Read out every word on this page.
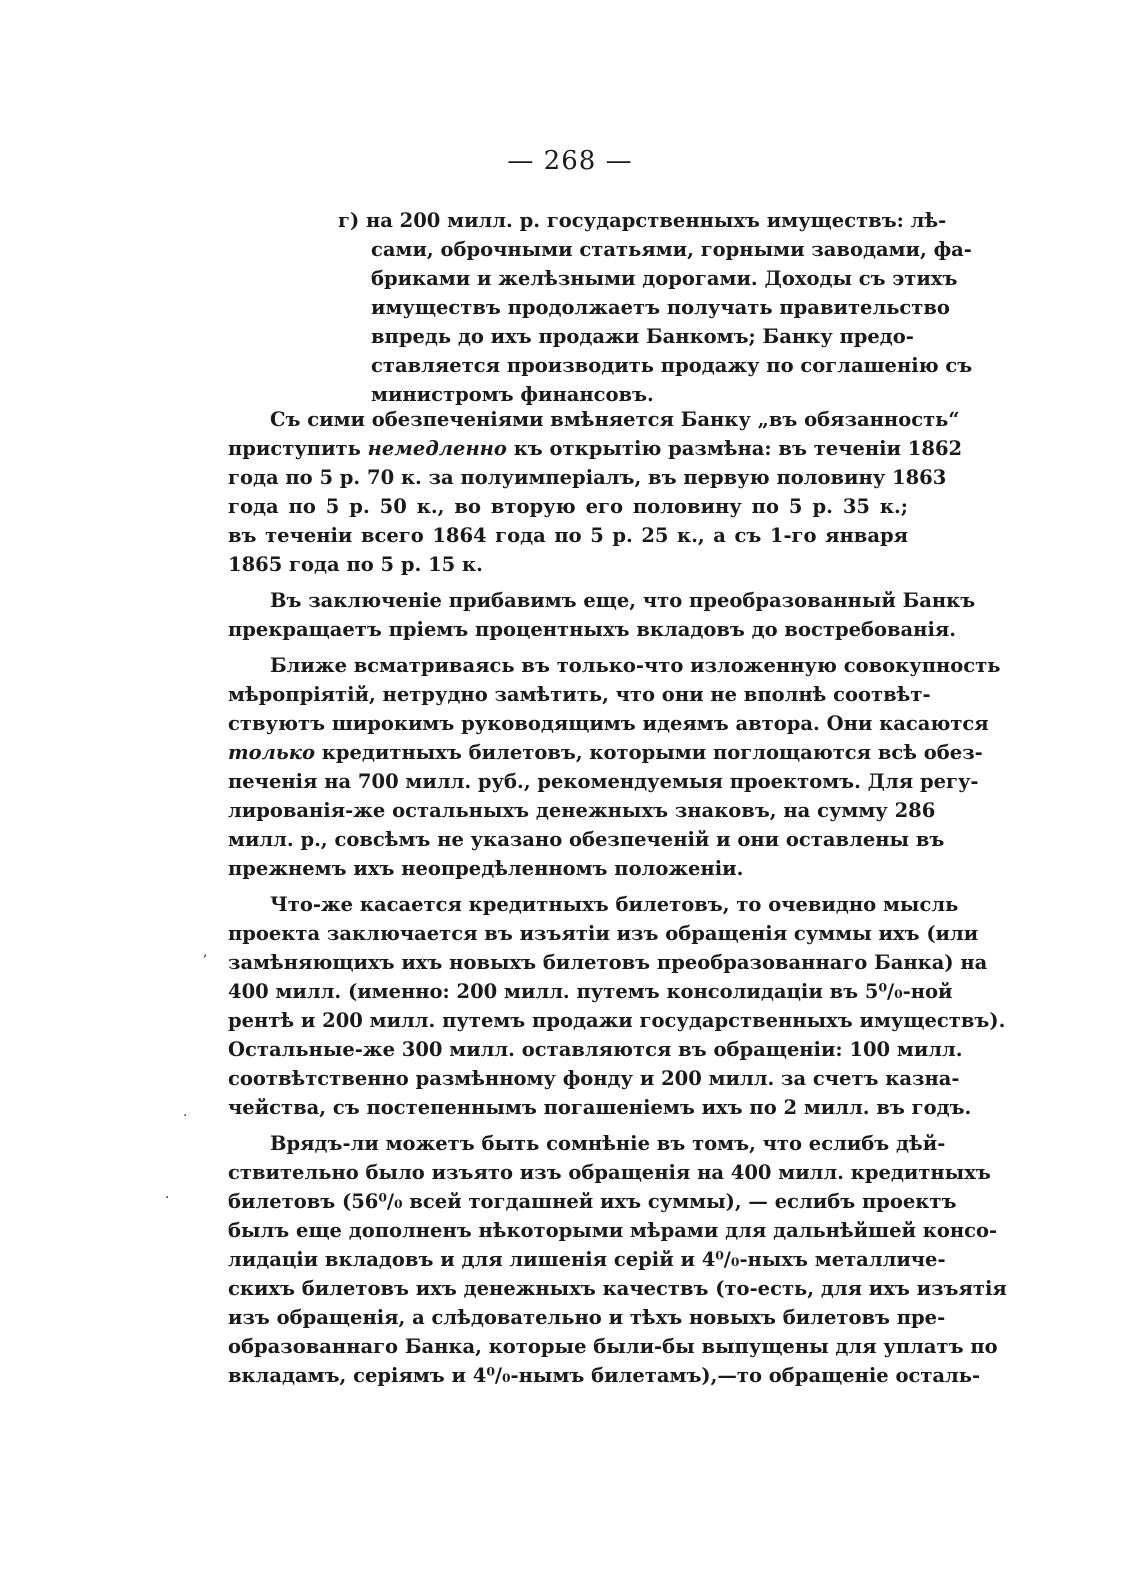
— 268 —
г) на 200 милл. р. государственныхъ имуществъ: лѣ-
сами, оброчными статьями, горными заводами, фа-
бриками и желѣзными дорогами. Доходы съ этихъ
имуществъ продолжаетъ получать правительство
впредь до ихъ продажи Банкомъ; Банку предо-
ставляется производить продажу по соглашенію съ
министромъ финансовъ.
Съ сими обезпеченіями вмѣняется Банку „въ обязанность“
приступить немедленно къ открытію размѣна: въ теченіи 1862
года по 5 р. 70 к. за полуимперіалъ, въ первую половину 1863
года по 5 р. 50 к., во вторую его половину по 5 р. 35 к.;
въ теченіи всего 1864 года по 5 р. 25 к., а съ 1-го января
1865 года по 5 р. 15 к.
Въ заключеніе прибавимъ еще, что преобразованный Банкъ
прекращаетъ пріемъ процентныхъ вкладовъ до востребованія.
Ближе всматриваясь въ только-что изложенную совокупность
мѣропріятій, нетрудно замѣтить, что они не вполнѣ соотвѣт-
ствуютъ широкимъ руководящимъ идеямъ автора. Они касаются
только кредитныхъ билетовъ, которыми поглощаются всѣ обез-
печенія на 700 милл. руб., рекомендуемыя проектомъ. Для регу-
лированія-же остальныхъ денежныхъ знаковъ, на сумму 286
милл. р., совсѣмъ не указано обезпеченій и они оставлены въ
прежнемъ ихъ неопредѣленномъ положеніи.
Что-же касается кредитныхъ билетовъ, то очевидно мысль
проекта заключается въ изъятіи изъ обращенія суммы ихъ (или
замѣняющихъ ихъ новыхъ билетовъ преобразованнаго Банка) на
400 милл. (именно: 200 милл. путемъ консолидаціи въ 5⁰/₀-ной
рентѣ и 200 милл. путемъ продажи государственныхъ имуществъ).
Остальные-же 300 милл. оставляются въ обращеніи: 100 милл.
соотвѣтственно размѣнному фонду и 200 милл. за счетъ казна-
чейства, съ постепеннымъ погашеніемъ ихъ по 2 милл. въ годъ.
Врядъ-ли можетъ быть сомнѣніе въ томъ, что еслибъ дѣй-
ствительно было изъято изъ обращенія на 400 милл. кредитныхъ
билетовъ (56⁰/₀ всей тогдашней ихъ суммы), — еслибъ проектъ
былъ еще дополненъ нѣкоторыми мѣрами для дальнѣйшей консо-
лидаціи вкладовъ и для лишенія серій и 4⁰/₀-ныхъ металличе-
скихъ билетовъ ихъ денежныхъ качествъ (то-есть, для ихъ изъятія
изъ обращенія, а слѣдовательно и тѣхъ новыхъ билетовъ пре-
образованнаго Банка, которые были-бы выпущены для уплатъ по
вкладамъ, серіямъ и 4⁰/₀-нымъ билетамъ),—то обращеніе осталь-
,
·
·
